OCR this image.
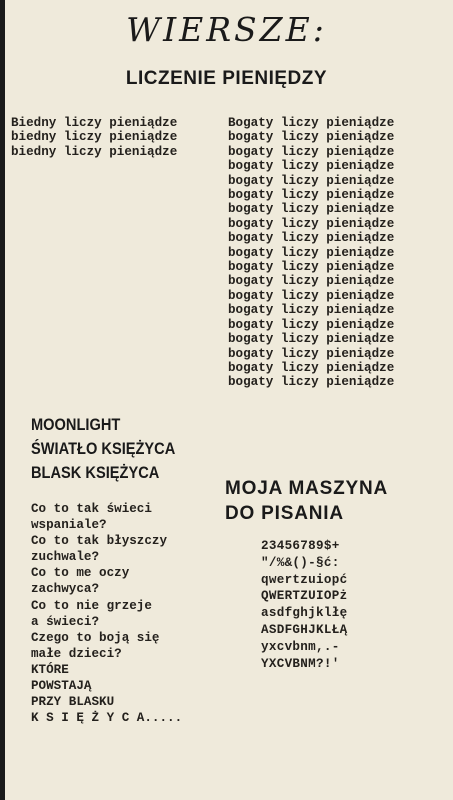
WIERSZE:
LICZENIE PIENIĘDZY
Biedny liczy pieniądze
biedny liczy pieniądze
biedny liczy pieniądze
Bogaty liczy pieniądze
bogaty liczy pieniądze
bogaty liczy pieniądze
bogaty liczy pieniądze
bogaty liczy pieniądze
bogaty liczy pieniądze
bogaty liczy pieniądze
bogaty liczy pieniądze
bogaty liczy pieniądze
bogaty liczy pieniądze
bogaty liczy pieniądze
bogaty liczy pieniądze
bogaty liczy pieniądze
bogaty liczy pieniądze
bogaty liczy pieniądze
bogaty liczy pieniądze
bogaty liczy pieniądze
bogaty liczy pieniądze
bogaty liczy pieniądze
MOONLIGHT
ŚWIATŁO KSIĘŻYCA
BLASK KSIĘŻYCA
Co to tak świeci
wspaniale?
Co to tak błyszczy
zuchwale?
Co to me oczy
zachwyca?
Co to nie grzeje
a świeci?
Czego to boją się
małe dzieci?
KTÓRE
POWSTAJĄ
PRZY BLASKU
K S I Ę Ż Y C A.....
MOJA MASZYNA
DO PISANIA
23456789$+
"/%&()-§ć:
qwertzuiopć
QWERTZUIOPż
asdfghjklłę
ASDFGHJKLŁĄ
yxcvbnm,.-
YXCVBNM?!'
